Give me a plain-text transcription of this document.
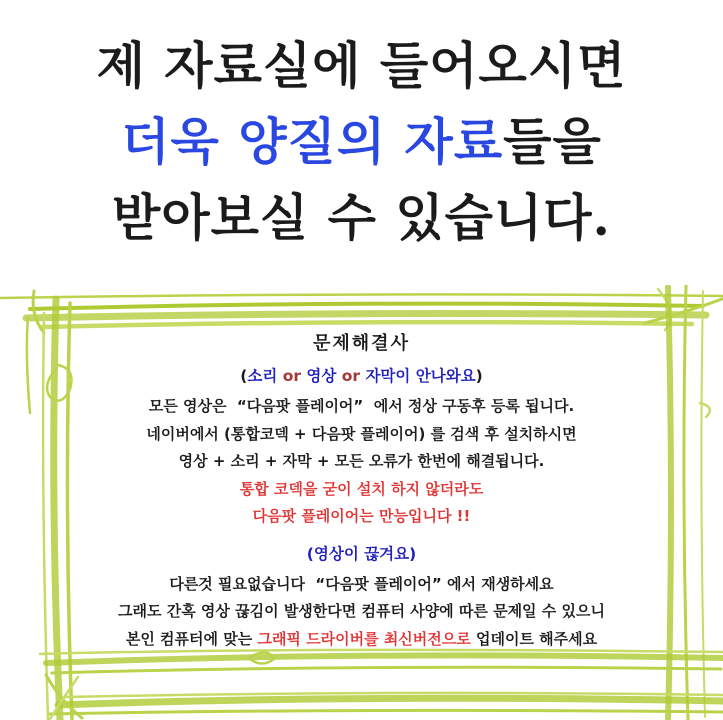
제 자료실에 들어오시면
더욱 양질의 자료들을
받아보실 수 있습니다.
문제해결사
(소리 or 영상 or 자막이 안나와요)
모든 영상은  “다음팟 플레이어”  에서 정상 구동후 등록 됩니다.
네이버에서 (통합코덱 + 다음팟 플레이어) 를 검색 후 설치하시면
영상 + 소리 + 자막 + 모든 오류가 한번에 해결됩니다.
통합 코덱을 굳이 설치 하지 않더라도
다음팟 플레이어는 만능입니다 !!
(영상이 끊겨요)
다른것 필요없습니다  “다음팟 플레이어” 에서 재생하세요
그래도 간혹 영상 끊김이 발생한다면 컴퓨터 사양에 따른 문제일 수 있으니
본인 컴퓨터에 맞는 그래픽 드라이버를 최신버전으로 업데이트 해주세요
